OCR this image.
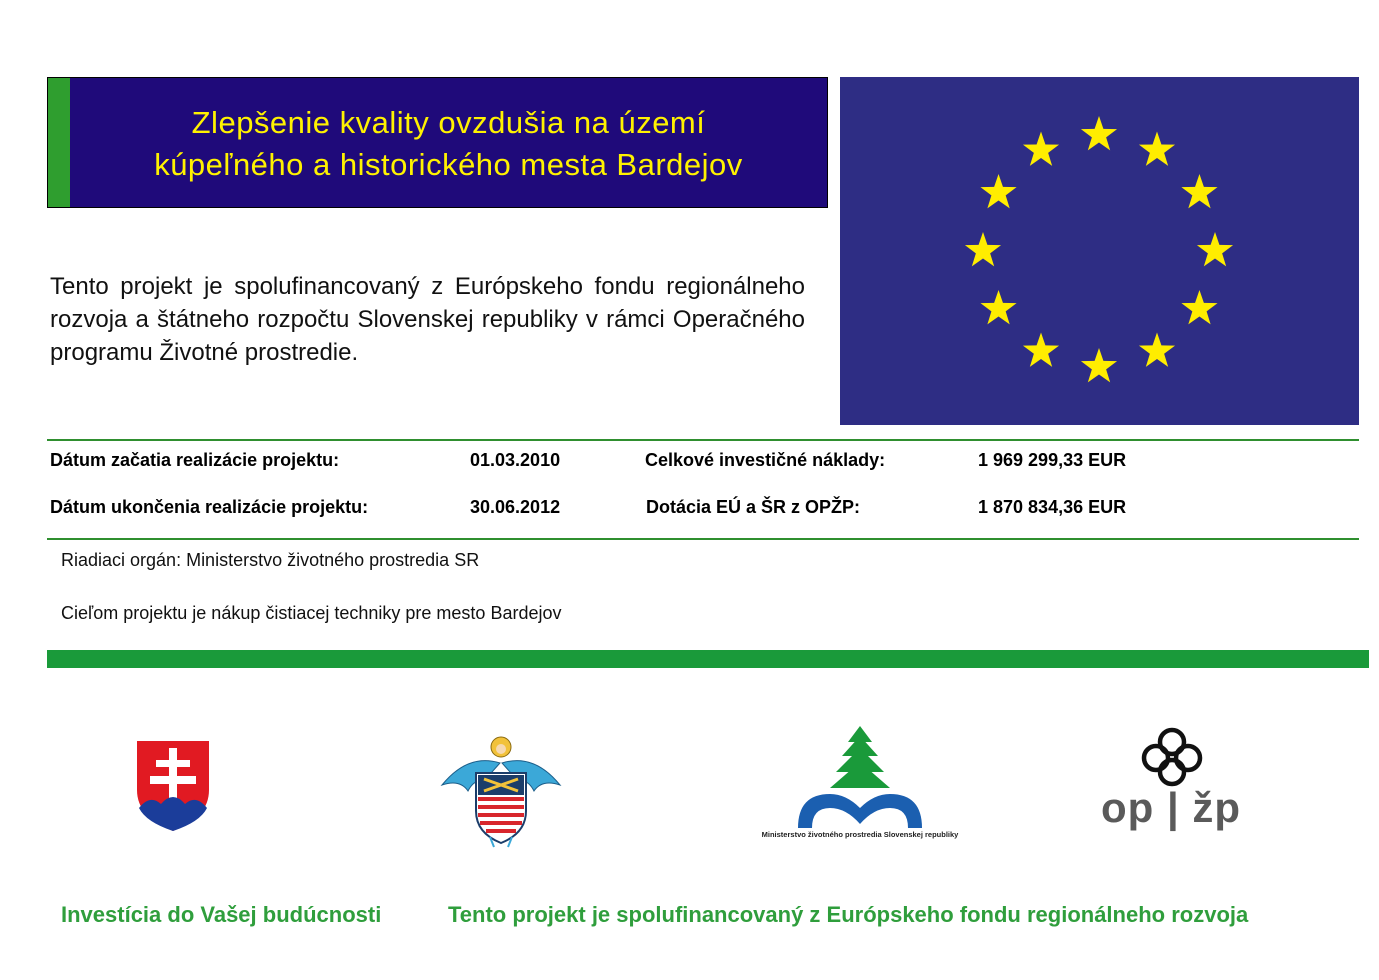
Zlepšenie kvality ovzdušia na území
kúpeľného a historického mesta Bardejov
Tento projekt je spolufinancovaný z Európskeho fondu regionálneho rozvoja a štátneho rozpočtu Slovenskej republiky v rámci Operačného programu Životné prostredie.
Dátum začatia realizácie projektu:	01.03.2010	Celkové investičné náklady:	1 969 299,33 EUR
Dátum ukončenia realizácie projektu:	30.06.2012	Dotácia EÚ a ŠR z OPŽP:	1 870 834,36 EUR
Riadiaci orgán: Ministerstvo životného prostredia SR
Cieľom projektu je nákup čistiacej techniky pre mesto Bardejov
Ministerstvo životného prostredia Slovenskej republiky
op | žp
Investícia do Vašej budúcnosti	Tento projekt je spolufinancovaný z Európskeho fondu regionálneho rozvoja
